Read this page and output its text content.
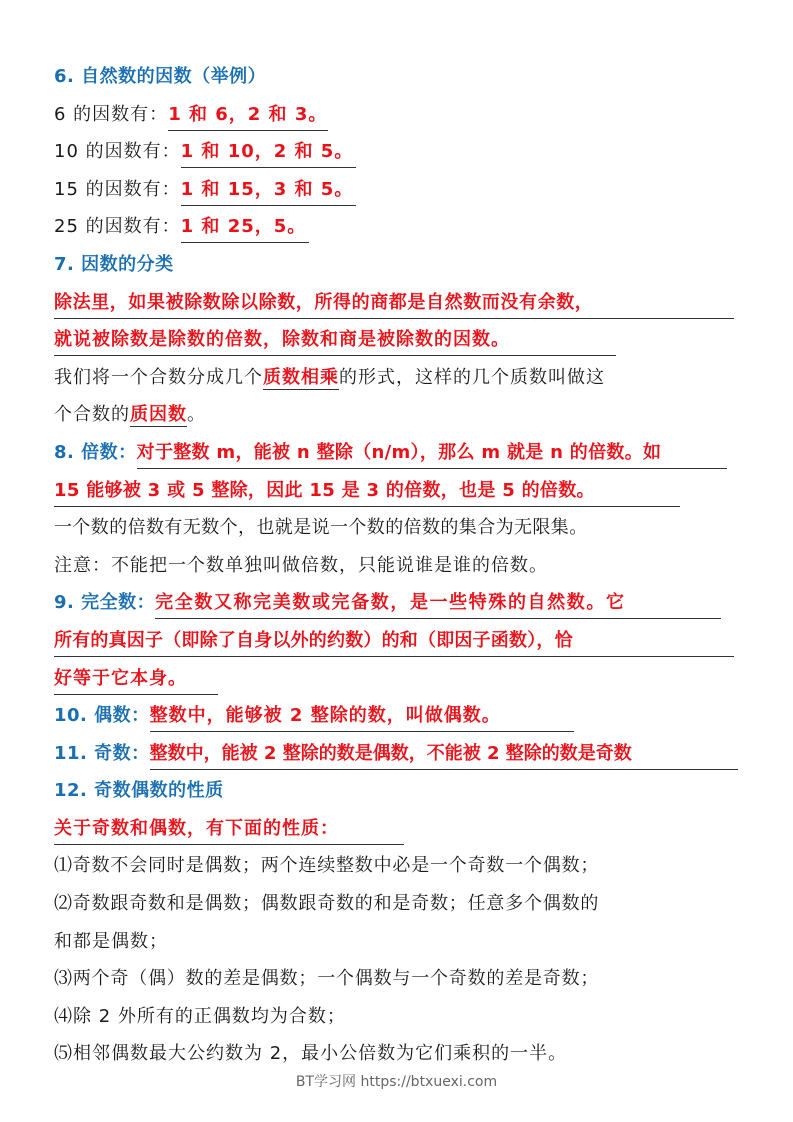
6. 自然数的因数（举例）
6 的因数有：1 和 6，2 和 3。
10 的因数有：1 和 10，2 和 5。
15 的因数有：1 和 15，3 和 5。
25 的因数有：1 和 25，5。
7. 因数的分类
除法里，如果被除数除以除数，所得的商都是自然数而没有余数，
就说被除数是除数的倍数，除数和商是被除数的因数。
我们将一个合数分成几个质数相乘的形式，这样的几个质数叫做这
个合数的质因数。
8. 倍数：对于整数 m，能被 n 整除（n/m），那么 m 就是 n 的倍数。如
15 能够被 3 或 5 整除，因此 15 是 3 的倍数，也是 5 的倍数。
一个数的倍数有无数个，也就是说一个数的倍数的集合为无限集。
注意：不能把一个数单独叫做倍数，只能说谁是谁的倍数。
9. 完全数：完全数又称完美数或完备数，是一些特殊的自然数。它
所有的真因子（即除了自身以外的约数）的和（即因子函数），恰
好等于它本身。
10. 偶数：整数中，能够被 2 整除的数，叫做偶数。
11. 奇数：整数中，能被 2 整除的数是偶数，不能被 2 整除的数是奇数
12. 奇数偶数的性质
关于奇数和偶数，有下面的性质：
⑴奇数不会同时是偶数；两个连续整数中必是一个奇数一个偶数；
⑵奇数跟奇数和是偶数；偶数跟奇数的和是奇数；任意多个偶数的
和都是偶数；
⑶两个奇（偶）数的差是偶数；一个偶数与一个奇数的差是奇数；
⑷除 2 外所有的正偶数均为合数；
⑸相邻偶数最大公约数为 2，最小公倍数为它们乘积的一半。
BT学习网 https://btxuexi.com
